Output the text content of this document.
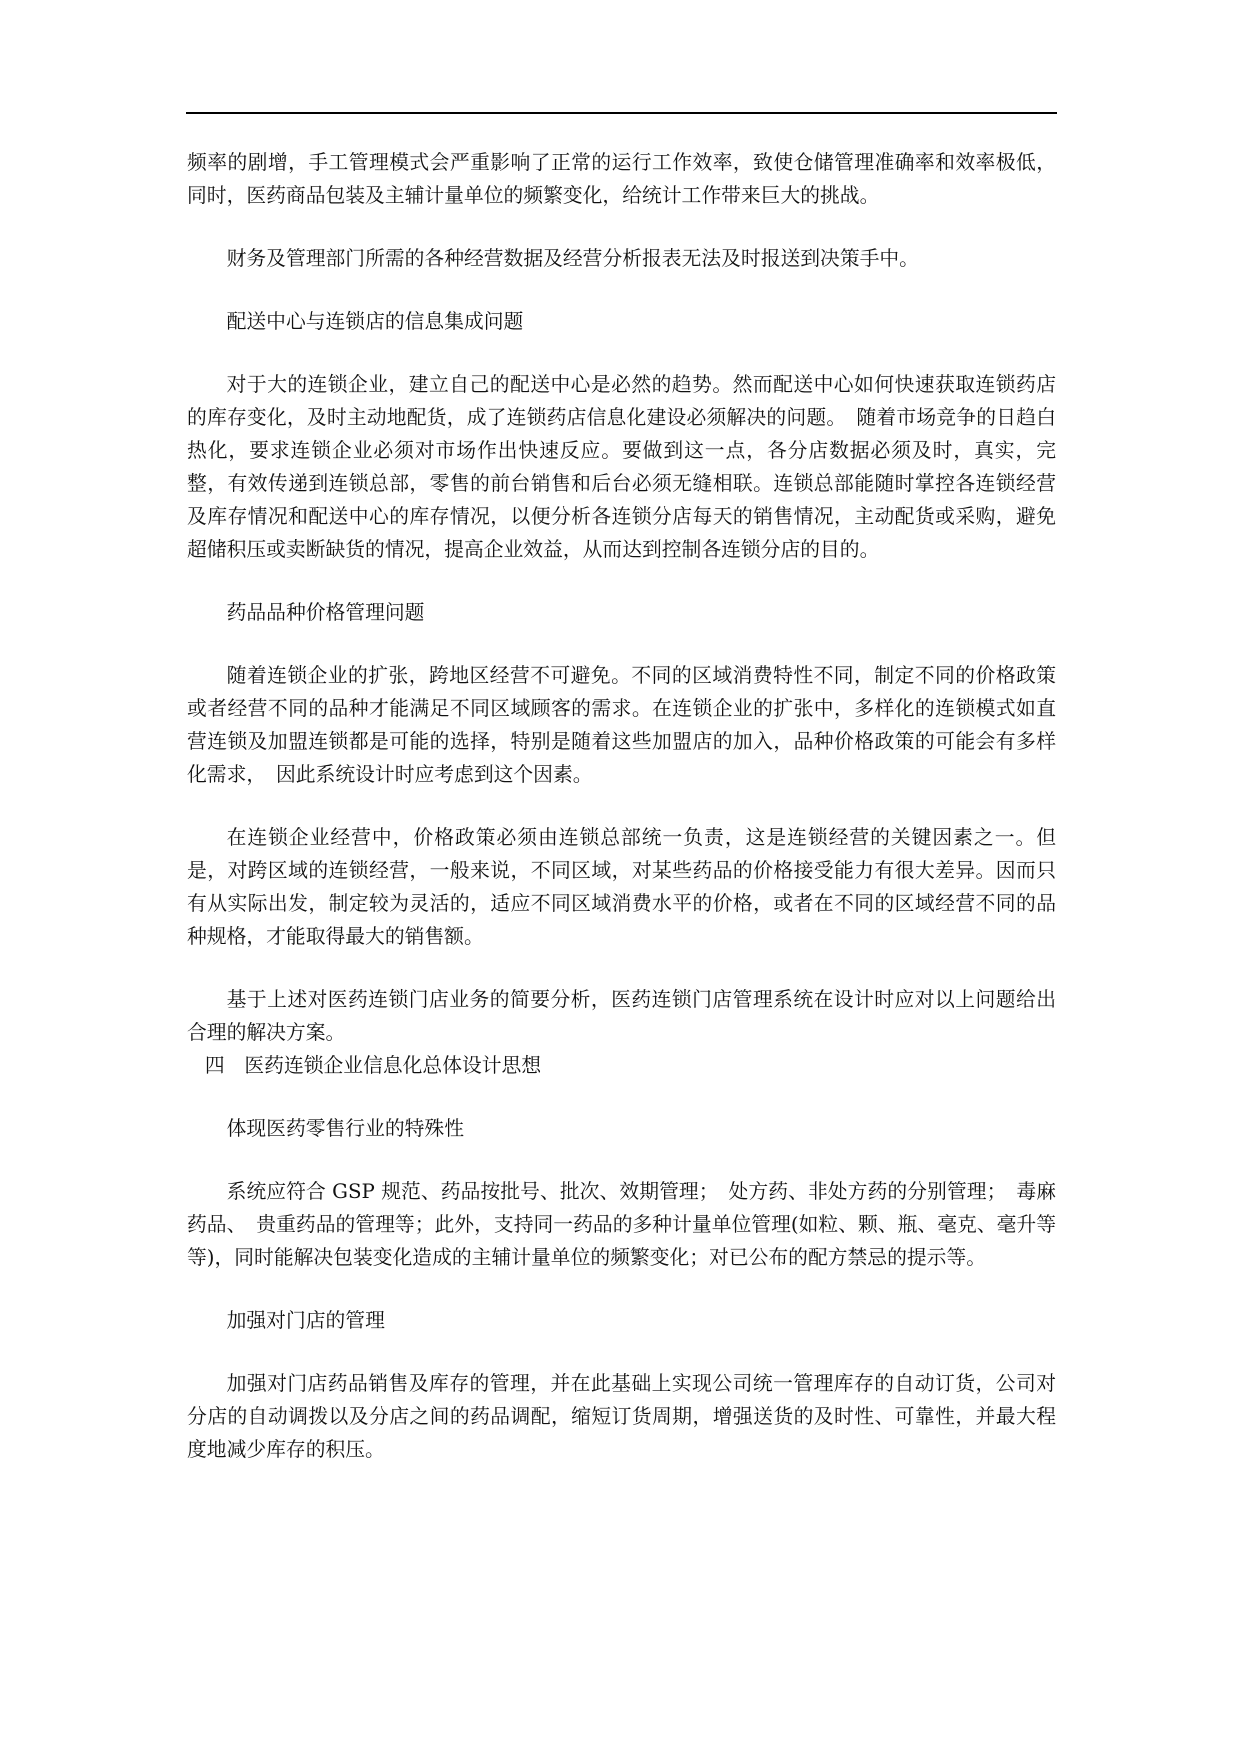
频率的剧增，手工管理模式会严重影响了正常的运行工作效率，致使仓储管理准确率和效率极低，同时，医药商品包装及主辅计量单位的频繁变化，给统计工作带来巨大的挑战。

财务及管理部门所需的各种经营数据及经营分析报表无法及时报送到决策手中。

配送中心与连锁店的信息集成问题

对于大的连锁企业，建立自己的配送中心是必然的趋势。然而配送中心如何快速获取连锁药店的库存变化，及时主动地配货，成了连锁药店信息化建设必须解决的问题。　随着市场竞争的日趋白热化，要求连锁企业必须对市场作出快速反应。要做到这一点，各分店数据必须及时，真实，完整，有效传递到连锁总部，零售的前台销售和后台必须无缝相联。连锁总部能随时掌控各连锁经营及库存情况和配送中心的库存情况，以便分析各连锁分店每天的销售情况，主动配货或采购，避免超储积压或卖断缺货的情况，提高企业效益，从而达到控制各连锁分店的目的。

药品品种价格管理问题

随着连锁企业的扩张，跨地区经营不可避免。不同的区域消费特性不同，制定不同的价格政策或者经营不同的品种才能满足不同区域顾客的需求。在连锁企业的扩张中，多样化的连锁模式如直营连锁及加盟连锁都是可能的选择，特别是随着这些加盟店的加入，品种价格政策的可能会有多样化需求，　因此系统设计时应考虑到这个因素。

在连锁企业经营中，价格政策必须由连锁总部统一负责，这是连锁经营的关键因素之一。但是，对跨区域的连锁经营，一般来说，不同区域，对某些药品的价格接受能力有很大差异。因而只有从实际出发，制定较为灵活的，适应不同区域消费水平的价格，或者在不同的区域经营不同的品种规格，才能取得最大的销售额。

基于上述对医药连锁门店业务的简要分析，医药连锁门店管理系统在设计时应对以上问题给出合理的解决方案。

四　医药连锁企业信息化总体设计思想

体现医药零售行业的特殊性

系统应符合 GSP 规范、药品按批号、批次、效期管理；　处方药、非处方药的分别管理；　毒麻药品、　贵重药品的管理等；此外，支持同一药品的多种计量单位管理(如粒、颗、瓶、毫克、毫升等等)，同时能解决包装变化造成的主辅计量单位的频繁变化；对已公布的配方禁忌的提示等。

加强对门店的管理

加强对门店药品销售及库存的管理，并在此基础上实现公司统一管理库存的自动订货，公司对分店的自动调拨以及分店之间的药品调配，缩短订货周期，增强送货的及时性、可靠性，并最大程度地减少库存的积压。
